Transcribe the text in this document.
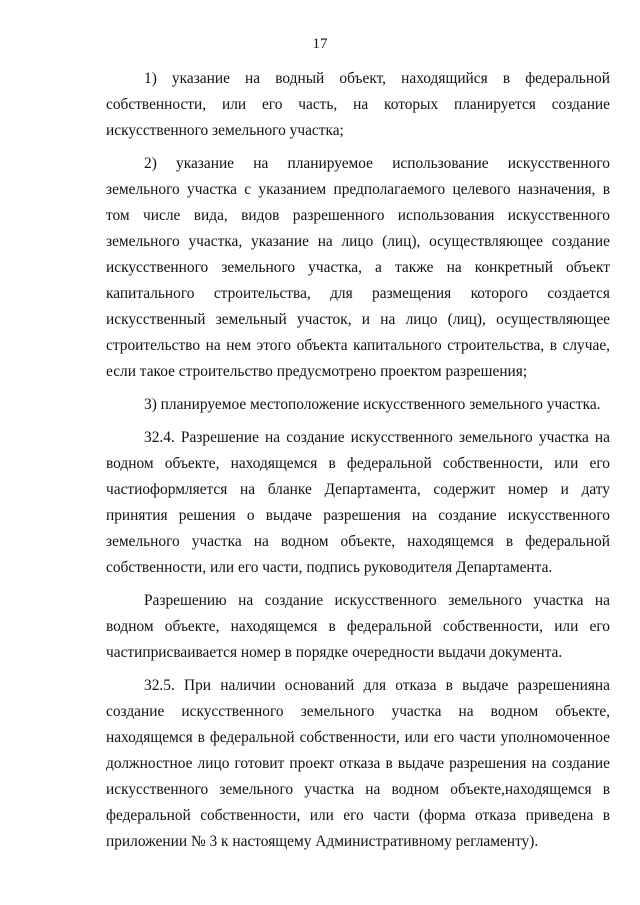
17

1) указание на водный объект, находящийся в федеральной собственности, или его часть, на которых планируется создание искусственного земельного участка;

2) указание на планируемое использование искусственного земельного участка с указанием предполагаемого целевого назначения, в том числе вида, видов разрешенного использования искусственного земельного участка, указание на лицо (лиц), осуществляющее создание искусственного земельного участка, а также на конкретный объект капитального строительства, для размещения которого создается искусственный земельный участок, и на лицо (лиц), осуществляющее строительство на нем этого объекта капитального строительства, в случае, если такое строительство предусмотрено проектом разрешения;

3) планируемое местоположение искусственного земельного участка.

32.4. Разрешение на создание искусственного земельного участка на водном объекте, находящемся в федеральной собственности, или его частиоформляется на бланке Департамента, содержит номер и дату принятия решения о выдаче разрешения на создание искусственного земельного участка на водном объекте, находящемся в федеральной собственности, или его части, подпись руководителя Департамента.

Разрешению на создание искусственного земельного участка на водном объекте, находящемся в федеральной собственности, или его частиприсваивается номер в порядке очередности выдачи документа.

32.5. При наличии оснований для отказа в выдаче разрешенияна создание искусственного земельного участка на водном объекте, находящемся в федеральной собственности, или его части уполномоченное должностное лицо готовит проект отказа в выдаче разрешения на создание искусственного земельного участка на водном объекте,находящемся в федеральной собственности, или его части (форма отказа приведена в приложении № 3 к настоящему Административному регламенту).
